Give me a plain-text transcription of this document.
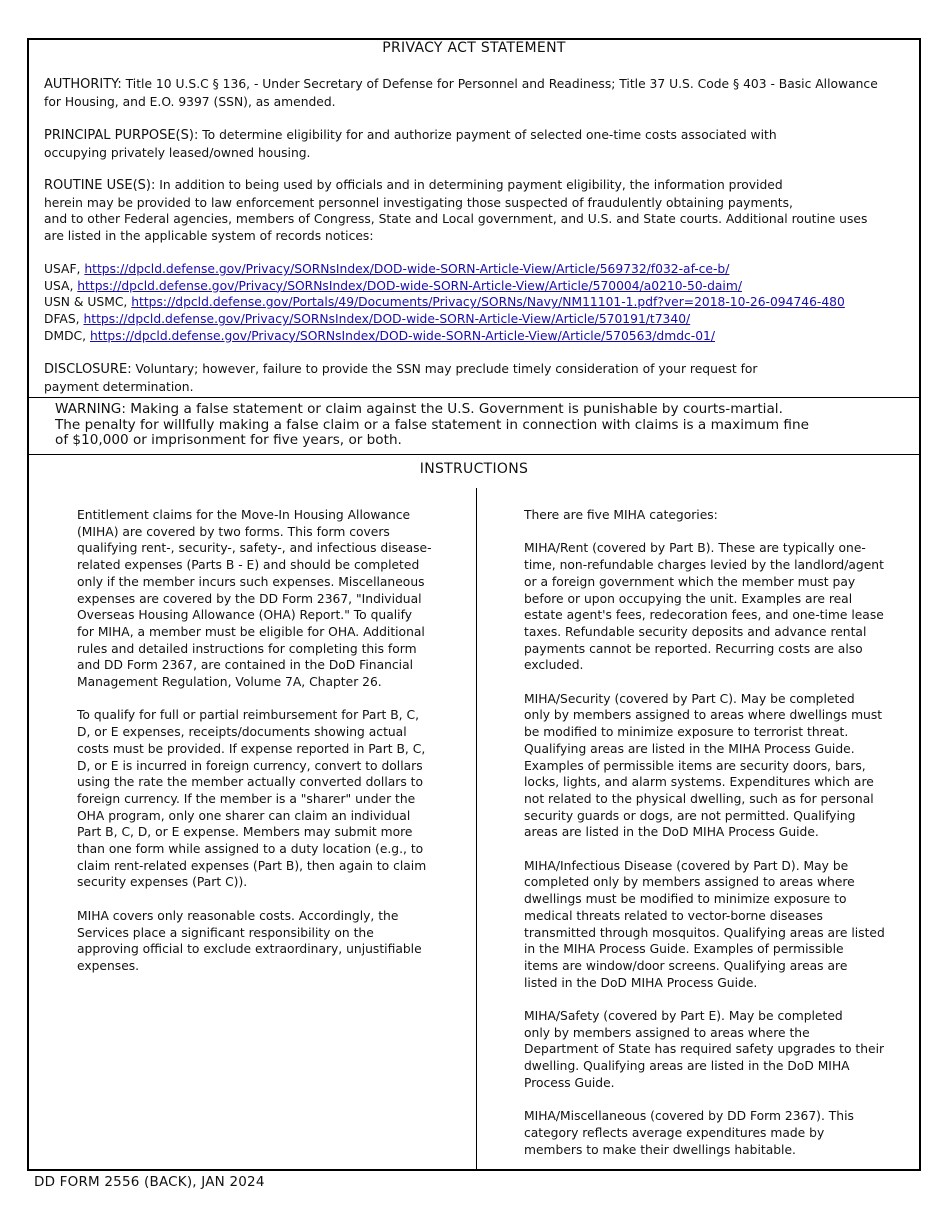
PRIVACY ACT STATEMENT
AUTHORITY: Title 10 U.S.C § 136, - Under Secretary of Defense for Personnel and Readiness; Title 37 U.S. Code § 403 - Basic Allowance
for Housing, and E.O. 9397 (SSN), as amended.
PRINCIPAL PURPOSE(S): To determine eligibility for and authorize payment of selected one-time costs associated with
occupying privately leased/owned housing.
ROUTINE USE(S): In addition to being used by officials and in determining payment eligibility, the information provided
herein may be provided to law enforcement personnel investigating those suspected of fraudulently obtaining payments,
and to other Federal agencies, members of Congress, State and Local government, and U.S. and State courts. Additional routine uses
are listed in the applicable system of records notices:
USAF, https://dpcld.defense.gov/Privacy/SORNsIndex/DOD-wide-SORN-Article-View/Article/569732/f032-af-ce-b/
USA, https://dpcld.defense.gov/Privacy/SORNsIndex/DOD-wide-SORN-Article-View/Article/570004/a0210-50-daim/
USN & USMC, https://dpcld.defense.gov/Portals/49/Documents/Privacy/SORNs/Navy/NM11101-1.pdf?ver=2018-10-26-094746-480
DFAS, https://dpcld.defense.gov/Privacy/SORNsIndex/DOD-wide-SORN-Article-View/Article/570191/t7340/
DMDC, https://dpcld.defense.gov/Privacy/SORNsIndex/DOD-wide-SORN-Article-View/Article/570563/dmdc-01/
DISCLOSURE: Voluntary; however, failure to provide the SSN may preclude timely consideration of your request for
payment determination.
WARNING: Making a false statement or claim against the U.S. Government is punishable by courts-martial.
The penalty for willfully making a false claim or a false statement in connection with claims is a maximum fine
of $10,000 or imprisonment for five years, or both.
INSTRUCTIONS
Entitlement claims for the Move-In Housing Allowance
(MIHA) are covered by two forms. This form covers
qualifying rent-, security-, safety-, and infectious disease-
related expenses (Parts B - E) and should be completed
only if the member incurs such expenses. Miscellaneous
expenses are covered by the DD Form 2367, "Individual
Overseas Housing Allowance (OHA) Report." To qualify
for MIHA, a member must be eligible for OHA. Additional
rules and detailed instructions for completing this form
and DD Form 2367, are contained in the DoD Financial
Management Regulation, Volume 7A, Chapter 26.
To qualify for full or partial reimbursement for Part B, C,
D, or E expenses, receipts/documents showing actual
costs must be provided. If expense reported in Part B, C,
D, or E is incurred in foreign currency, convert to dollars
using the rate the member actually converted dollars to
foreign currency. If the member is a "sharer" under the
OHA program, only one sharer can claim an individual
Part B, C, D, or E expense. Members may submit more
than one form while assigned to a duty location (e.g., to
claim rent-related expenses (Part B), then again to claim
security expenses (Part C)).
MIHA covers only reasonable costs. Accordingly, the
Services place a significant responsibility on the
approving official to exclude extraordinary, unjustifiable
expenses.
There are five MIHA categories:
MIHA/Rent (covered by Part B). These are typically one-
time, non-refundable charges levied by the landlord/agent
or a foreign government which the member must pay
before or upon occupying the unit. Examples are real
estate agent's fees, redecoration fees, and one-time lease
taxes. Refundable security deposits and advance rental
payments cannot be reported. Recurring costs are also
excluded.
MIHA/Security (covered by Part C). May be completed
only by members assigned to areas where dwellings must
be modified to minimize exposure to terrorist threat.
Qualifying areas are listed in the MIHA Process Guide.
Examples of permissible items are security doors, bars,
locks, lights, and alarm systems. Expenditures which are
not related to the physical dwelling, such as for personal
security guards or dogs, are not permitted. Qualifying
areas are listed in the DoD MIHA Process Guide.
MIHA/Infectious Disease (covered by Part D). May be
completed only by members assigned to areas where
dwellings must be modified to minimize exposure to
medical threats related to vector-borne diseases
transmitted through mosquitos. Qualifying areas are listed
in the MIHA Process Guide. Examples of permissible
items are window/door screens. Qualifying areas are
listed in the DoD MIHA Process Guide.
MIHA/Safety (covered by Part E). May be completed
only by members assigned to areas where the
Department of State has required safety upgrades to their
dwelling. Qualifying areas are listed in the DoD MIHA
Process Guide.
MIHA/Miscellaneous (covered by DD Form 2367). This
category reflects average expenditures made by
members to make their dwellings habitable.
DD FORM 2556 (BACK), JAN 2024
